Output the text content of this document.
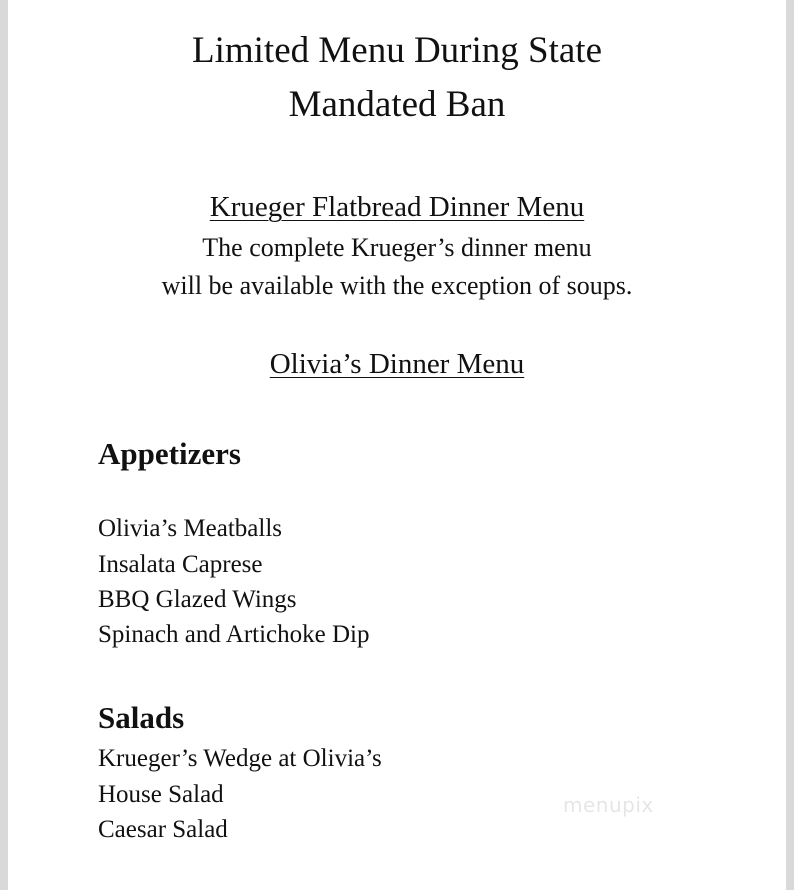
Limited Menu During State
Mandated Ban
Krueger Flatbread Dinner Menu
The complete Krueger’s dinner menu
will be available with the exception of soups.
Olivia’s Dinner Menu
Appetizers
Olivia’s Meatballs
Insalata Caprese
BBQ Glazed Wings
Spinach and Artichoke Dip
Salads
Krueger’s Wedge at Olivia’s
House Salad
Caesar Salad
menupix
